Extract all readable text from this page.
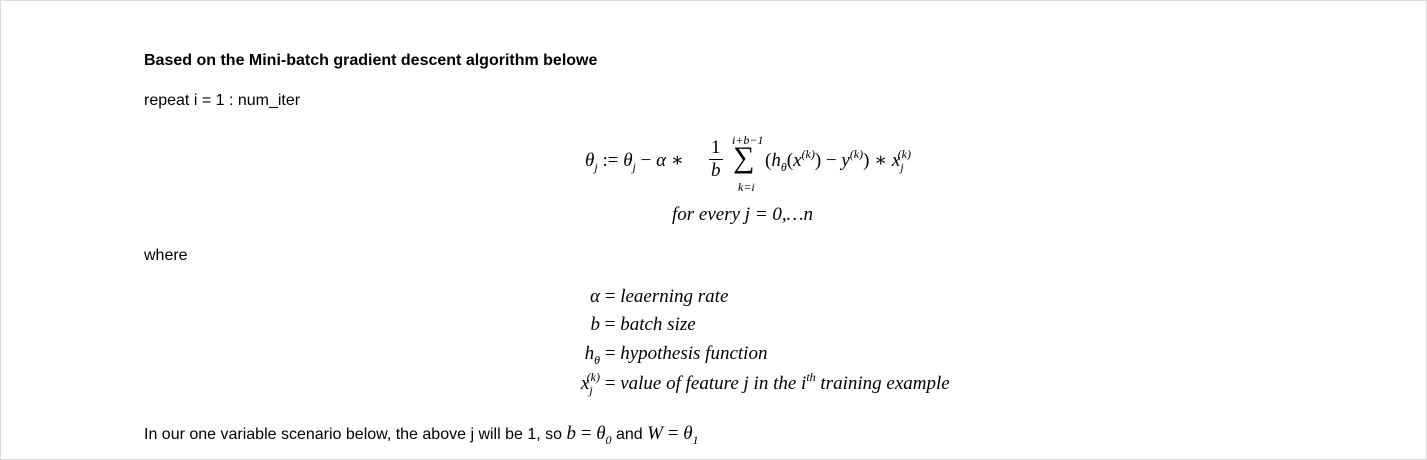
Based on the Mini-batch gradient descent algorithm belowe
repeat i = 1 : num_iter
$\theta_j$ := $\theta_j - \alpha$ ∗ $\frac{1}{b} i+b-1$
∑
k=i
$(h_\theta(x^{(k)}) - y^{(k)})$ ∗ $x_j^{(k)}$
for every j = 0,…n
where
α = leaerning rate
b = batch size
$h_\theta$ = hypothesis function
$x_j^{(k)}$ = value of feature j in the $i^{th}$ training example
In our one variable scenario below, the above j will be 1, so $b = \theta_0$ and $W = \theta_1$
